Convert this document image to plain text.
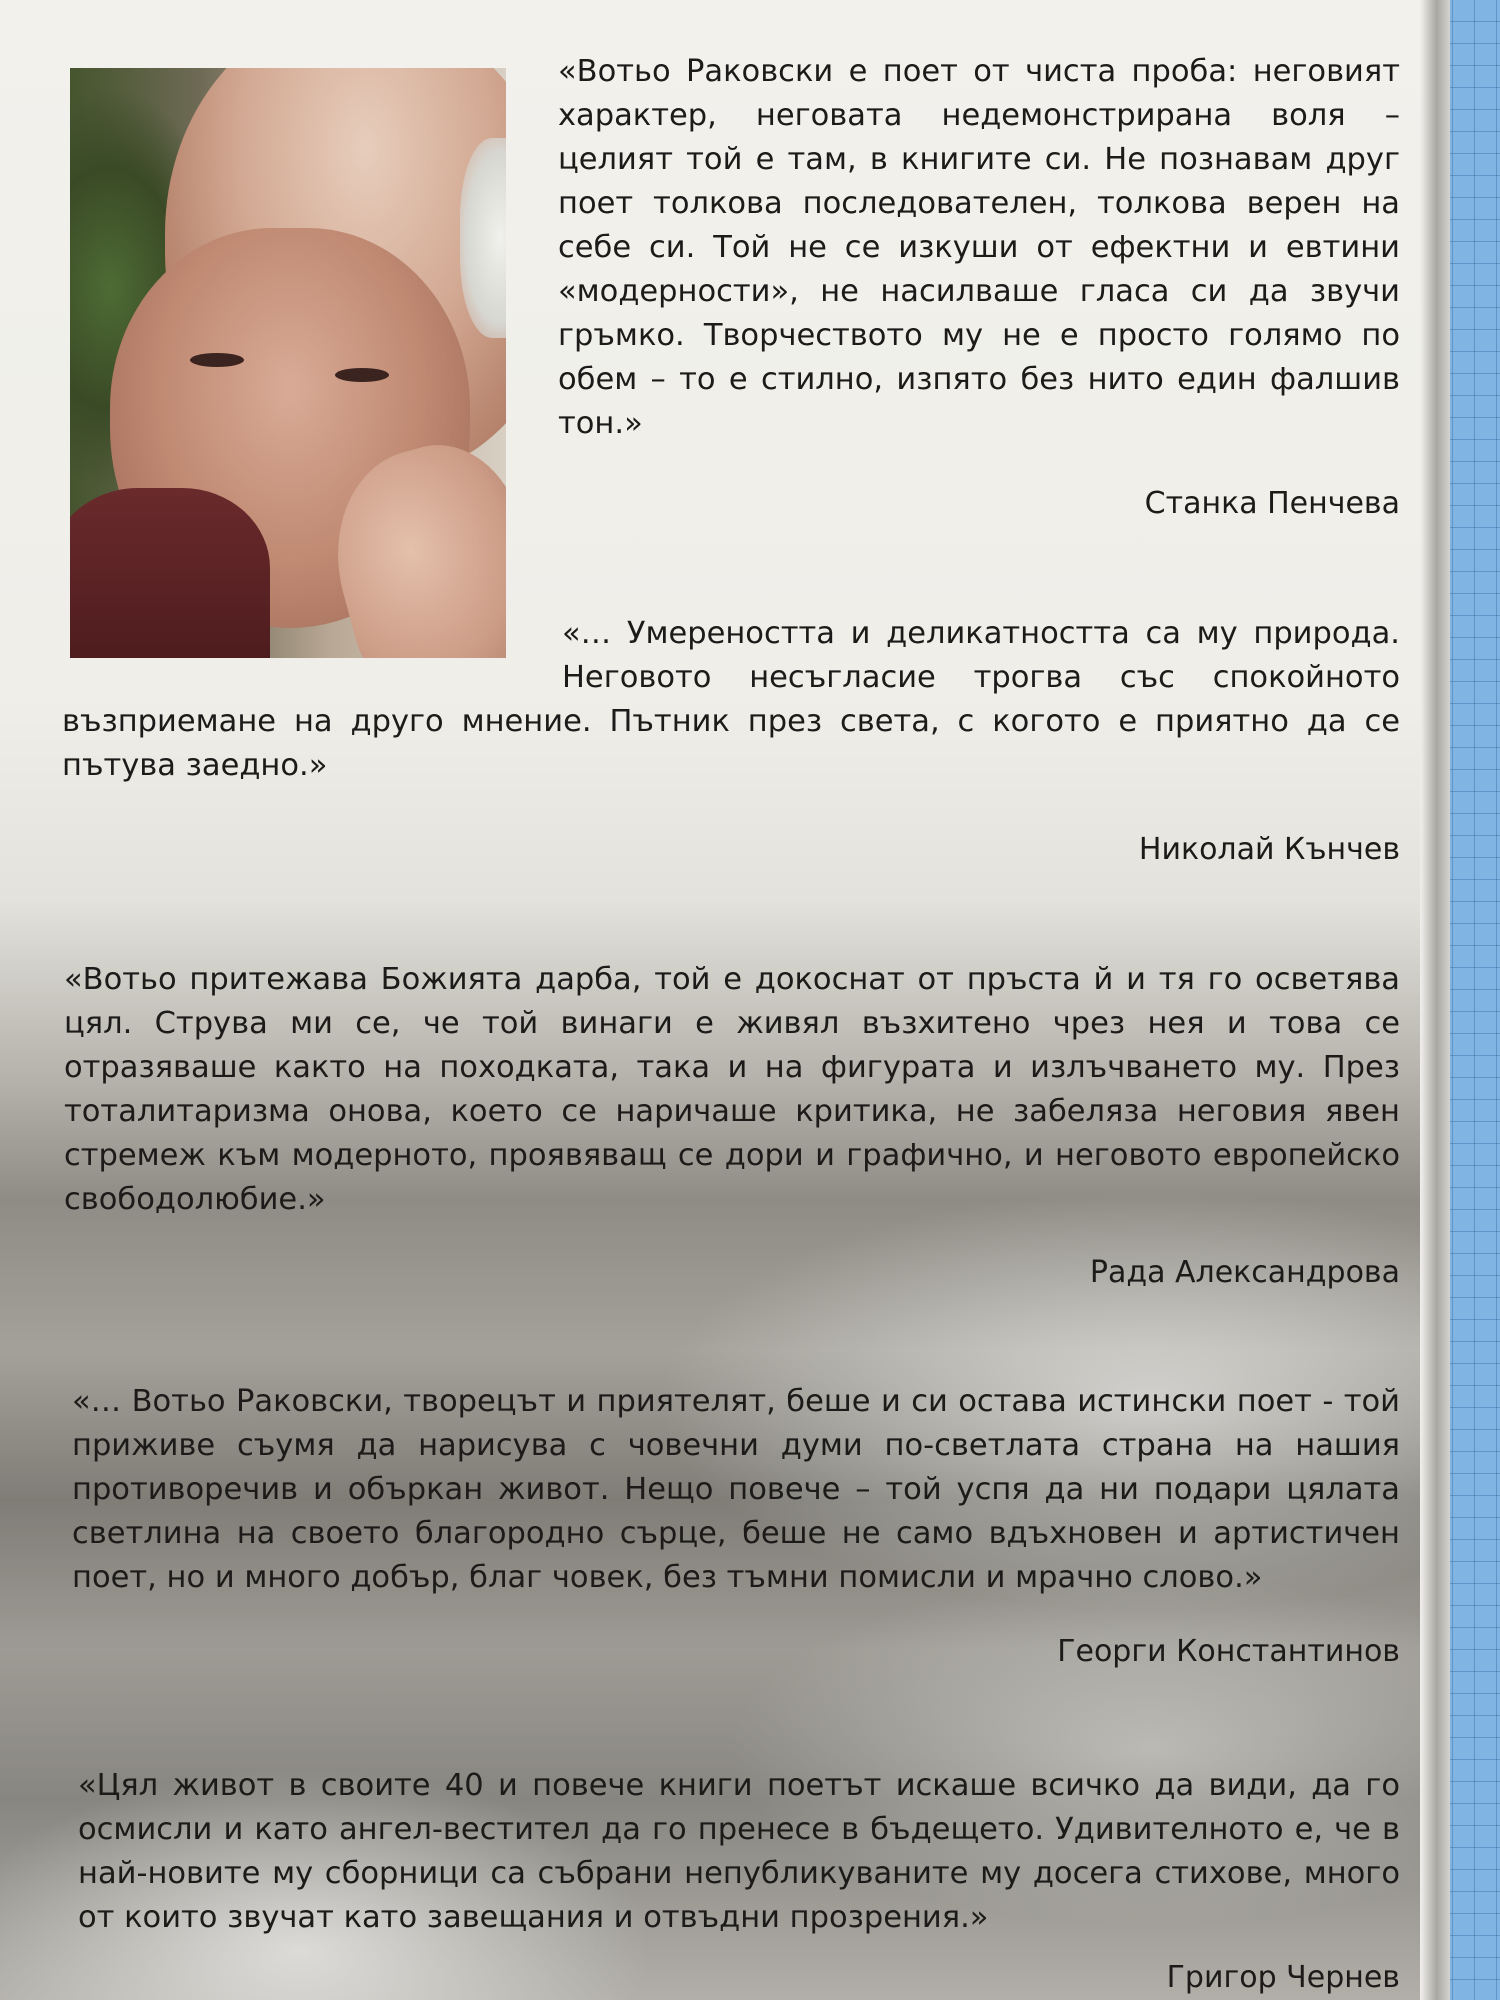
«Вотьо Раковски е поет от чиста проба: неговият характер, неговата недемонстрирана воля – целият той е там, в книгите си. Не познавам друг поет толкова последователен, толкова верен на себе си. Той не се изкуши от ефектни и евтини «модерности», не насилваше гласа си да звучи гръмко. Творчеството му не е просто голямо по обем – то е стилно, изпято без нито един фалшив тон.»

Станка Пенчева

«… Умереността и деликатността са му природа. Неговото несъгласие трогва със спокойното възприемане на друго мнение. Пътник през света, с когото е приятно да се пътува заедно.»

Николай Кънчев

«Вотьо притежава Божията дарба, той е докоснат от пръста й и тя го осветява цял. Струва ми се, че той винаги е живял възхитено чрез нея и това се отразяваше както на походката, така и на фигурата и излъчването му. През тоталитаризма онова, което се наричаше критика, не забеляза неговия явен стремеж към модерното, проявяващ се дори и графично, и неговото европейско свободолюбие.»

Рада Александрова

«… Вотьо Раковски, творецът и приятелят, беше и си остава истински поет - той приживе съумя да нарисува с човечни думи по-светлата страна на нашия противоречив и объркан живот. Нещо повече – той успя да ни подари цялата светлина на своето благородно сърце, беше не само вдъхновен и артистичен поет, но и много добър, благ човек, без тъмни помисли и мрачно слово.»

Георги Константинов

«Цял живот в своите 40 и повече книги поетът искаше всичко да види, да го осмисли и като ангел-вестител да го пренесе в бъдещето. Удивителното е, че в най-новите му сборници са събрани непубликуваните му досега стихове, много от които звучат като завещания и отвъдни прозрения.»

Григор Чернев
